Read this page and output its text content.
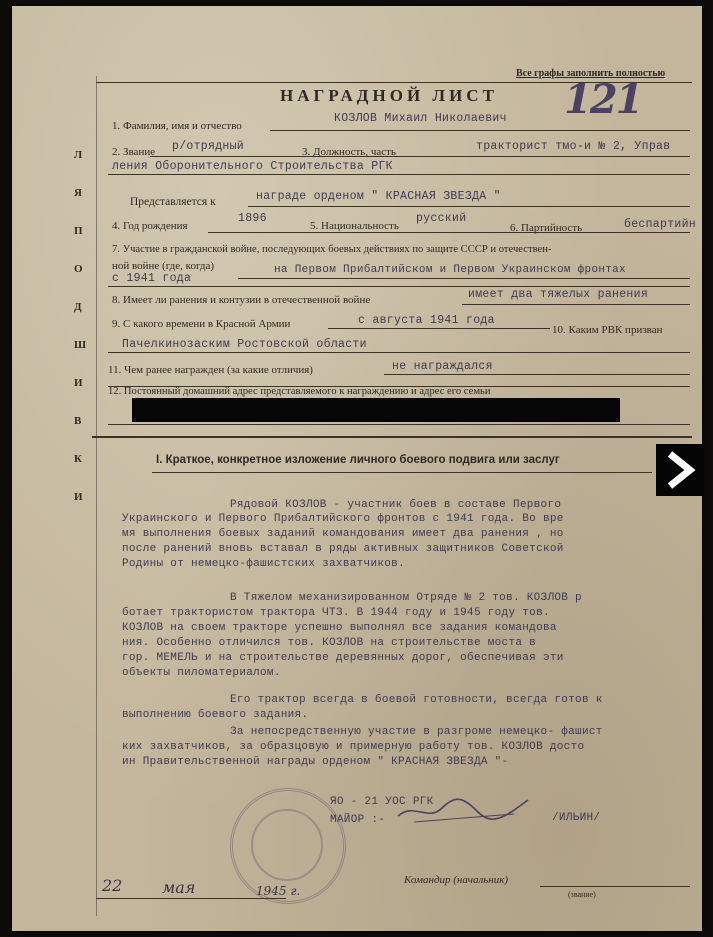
Все графы заполнить полностью
НАГРАДНОЙ ЛИСТ 121
1. Фамилия, имя и отчество
КОЗЛОВ Михаил Николаевич
2. Звание р/отрядный	3. Должность, часть	тракторист тмо-и № 2, Управ
ления Оборонительного Строительства РГК
Представляется к	награде орденом " КРАСНАЯ ЗВЕЗДА "
4. Год рождения
1896
5. Национальность
русский
6. Партийность	беспартийн
7. Участие в гражданской войне, последующих боевых действиях по защите СССР и отечествен-
ной войне (где, когда)	на Первом Прибалтийском и Первом Украинском фронтах
с 1941 года
8. Имеет ли ранения и контузии в отечественной войне	имеет два тяжелых ранения
9. С какого времени в Красной Армии	с августа 1941 года
10. Каким РВК призван
Пачелкинозаским Ростовской области
11. Чем ранее награжден (за какие отличия)	не награждался
12. Постоянный домашний адрес представляемого к награждению и адрес его семьи
I. Краткое, конкретное изложение личного боевого подвига или заслуг
Рядовой КОЗЛОВ - участник боев в составе Первого
Украинского и Первого Прибалтийского фронтов с 1941 года. Во вре
мя выполнения боевых заданий командования имеет два ранения , но
после ранений вновь вставал в ряды активных защитников Советской
Родины от немецко-фашистских захватчиков.
В Тяжелом механизированном Отряде № 2 тов. КОЗЛОВ р
ботает трактористом трактора ЧТЗ. В 1944 году и 1945 году тов.
КОЗЛОВ на своем тракторе успешно выполнял все задания командова
ния. Особенно отличился тов. КОЗЛОВ на строительстве моста в
гор. МЕМЕЛЬ и на строительстве деревянных дорог, обеспечивая эти
объекты пиломатериалом.
Его трактор всегда в боевой готовности, всегда готов к
выполнению боевого задания.
За непосредственную участие в разгроме немецко- фашист
ких захватчиков, за образцовую и примерную работу тов. КОЗЛОВ досто
ин Правительственной награды орденом " КРАСНАЯ ЗВЕЗДА "-
ЯО - 21 УОС РГК
МАЙОР :-	/ИЛЬИН/
Командир (начальник)
(звание)
22 мая	1945 г.
Л Я П О Д Ш И В К И
